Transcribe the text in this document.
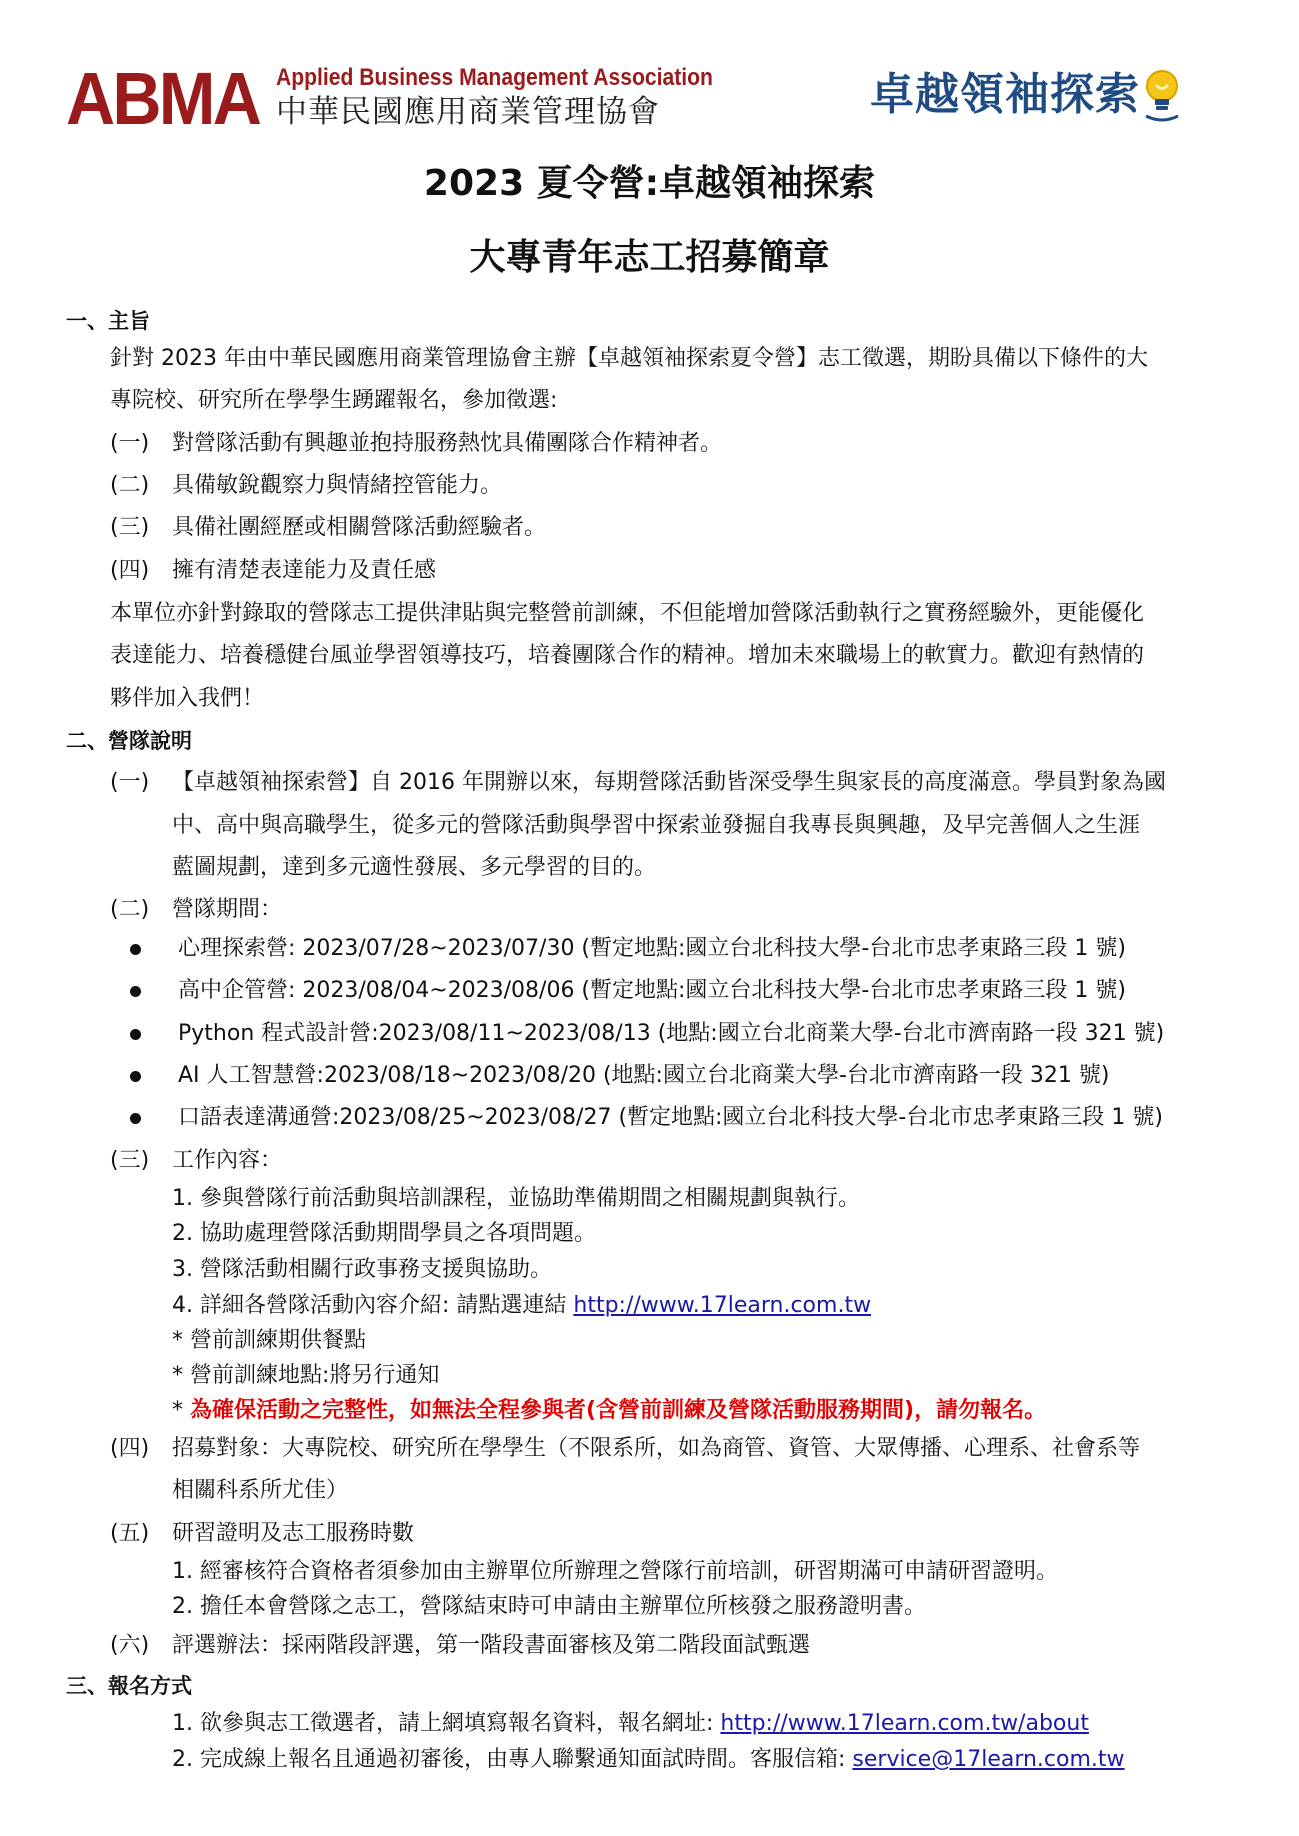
ABMA Applied Business Management Association
中華民國應用商業管理協會	卓越領袖探索
2023 夏令營:卓越領袖探索
大專青年志工招募簡章
一、主旨
針對 2023 年由中華民國應用商業管理協會主辦【卓越領袖探索夏令營】志工徵選，期盼具備以下條件的大
專院校、研究所在學學生踴躍報名，參加徵選:
(一) 對營隊活動有興趣並抱持服務熱忱具備團隊合作精神者。
(二) 具備敏銳觀察力與情緒控管能力。
(三) 具備社團經歷或相關營隊活動經驗者。
(四) 擁有清楚表達能力及責任感
本單位亦針對錄取的營隊志工提供津貼與完整營前訓練，不但能增加營隊活動執行之實務經驗外，更能優化
表達能力、培養穩健台風並學習領導技巧，培養團隊合作的精神。增加未來職場上的軟實力。歡迎有熱情的
夥伴加入我們！
二、營隊說明
(一) 【卓越領袖探索營】自 2016 年開辦以來，每期營隊活動皆深受學生與家長的高度滿意。學員對象為國
中、高中與高職學生，從多元的營隊活動與學習中探索並發掘自我專長與興趣，及早完善個人之生涯
藍圖規劃，達到多元適性發展、多元學習的目的。
(二) 營隊期間：
心理探索營: 2023/07/28~2023/07/30 (暫定地點:國立台北科技大學-台北市忠孝東路三段 1 號)
高中企管營: 2023/08/04~2023/08/06 (暫定地點:國立台北科技大學-台北市忠孝東路三段 1 號)
Python 程式設計營:2023/08/11~2023/08/13 (地點:國立台北商業大學-台北市濟南路一段 321 號)
AI 人工智慧營:2023/08/18~2023/08/20 (地點:國立台北商業大學-台北市濟南路一段 321 號)
口語表達溝通營:2023/08/25~2023/08/27 (暫定地點:國立台北科技大學-台北市忠孝東路三段 1 號)
(三) 工作內容：
1. 參與營隊行前活動與培訓課程，並協助準備期間之相關規劃與執行。
2. 協助處理營隊活動期間學員之各項問題。
3. 營隊活動相關行政事務支援與協助。
4. 詳細各營隊活動內容介紹: 請點選連結 http://www.17learn.com.tw
* 營前訓練期供餐點
* 營前訓練地點:將另行通知
* 為確保活動之完整性，如無法全程參與者(含營前訓練及營隊活動服務期間)，請勿報名。
(四) 招募對象：大專院校、研究所在學學生（不限系所，如為商管、資管、大眾傳播、心理系、社會系等
相關科系所尤佳）
(五) 研習證明及志工服務時數
1. 經審核符合資格者須參加由主辦單位所辦理之營隊行前培訓，研習期滿可申請研習證明。
2. 擔任本會營隊之志工，營隊結束時可申請由主辦單位所核發之服務證明書。
(六) 評選辦法：採兩階段評選，第一階段書面審核及第二階段面試甄選
三、報名方式
1. 欲參與志工徵選者，請上網填寫報名資料，報名網址: http://www.17learn.com.tw/about
2. 完成線上報名且通過初審後，由專人聯繫通知面試時間。客服信箱: service@17learn.com.tw
